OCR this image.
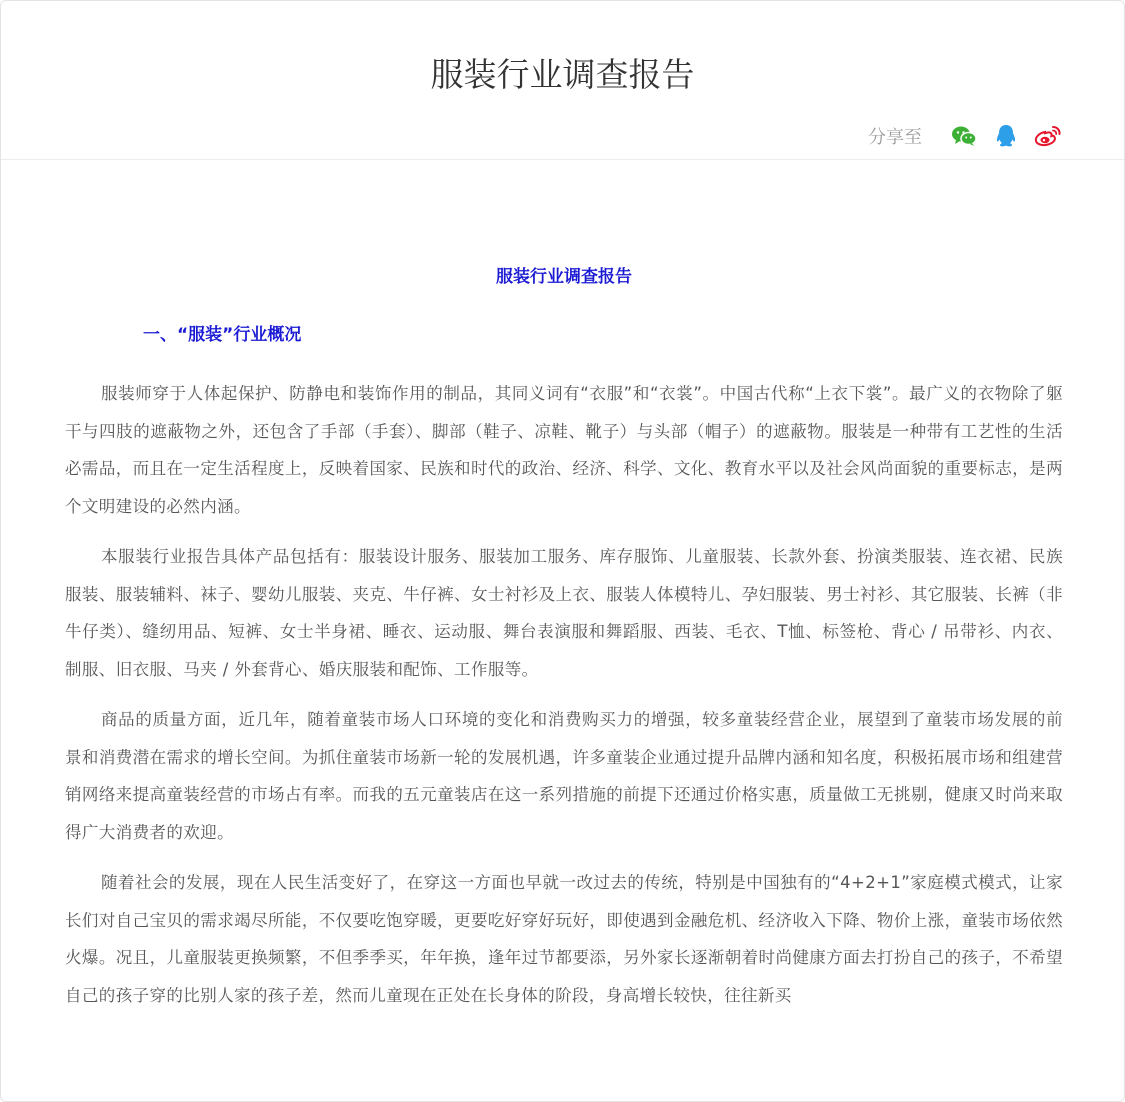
服装行业调查报告
分享至
服装行业调查报告
一、“服装”行业概况

服装师穿于人体起保护、防静电和装饰作用的制品，其同义词有“衣服”和“衣裳”。中国古代称“上衣下裳”。最广义的衣物除了躯干与四肢的遮蔽物之外，还包含了手部（手套）、脚部（鞋子、凉鞋、靴子）与头部（帽子）的遮蔽物。服装是一种带有工艺性的生活必需品，而且在一定生活程度上，反映着国家、民族和时代的政治、经济、科学、文化、教育水平以及社会风尚面貌的重要标志，是两个文明建设的必然内涵。

本服装行业报告具体产品包括有：服装设计服务、服装加工服务、库存服饰、儿童服装、长款外套、扮演类服装、连衣裙、民族服装、服装辅料、袜子、婴幼儿服装、夹克、牛仔裤、女士衬衫及上衣、服装人体模特儿、孕妇服装、男士衬衫、其它服装、长裤（非牛仔类）、缝纫用品、短裤、女士半身裙、睡衣、运动服、舞台表演服和舞蹈服、西装、毛衣、T恤、标签枪、背心 / 吊带衫、内衣、制服、旧衣服、马夹 / 外套背心、婚庆服装和配饰、工作服等。

商品的质量方面，近几年，随着童装市场人口环境的变化和消费购买力的增强，较多童装经营企业，展望到了童装市场发展的前景和消费潜在需求的增长空间。为抓住童装市场新一轮的发展机遇，许多童装企业通过提升品牌内涵和知名度，积极拓展市场和组建营销网络来提高童装经营的市场占有率。而我的五元童装店在这一系列措施的前提下还通过价格实惠，质量做工无挑剔，健康又时尚来取得广大消费者的欢迎。

随着社会的发展，现在人民生活变好了，在穿这一方面也早就一改过去的传统，特别是中国独有的“4+2+1”家庭模式模式，让家长们对自己宝贝的需求竭尽所能，不仅要吃饱穿暖，更要吃好穿好玩好，即使遇到金融危机、经济收入下降、物价上涨，童装市场依然火爆。况且，儿童服装更换频繁，不但季季买，年年换，逢年过节都要添，另外家长逐渐朝着时尚健康方面去打扮自己的孩子，不希望自己的孩子穿的比别人家的孩子差，然而儿童现在正处在长身体的阶段，身高增长较快，往往新买
